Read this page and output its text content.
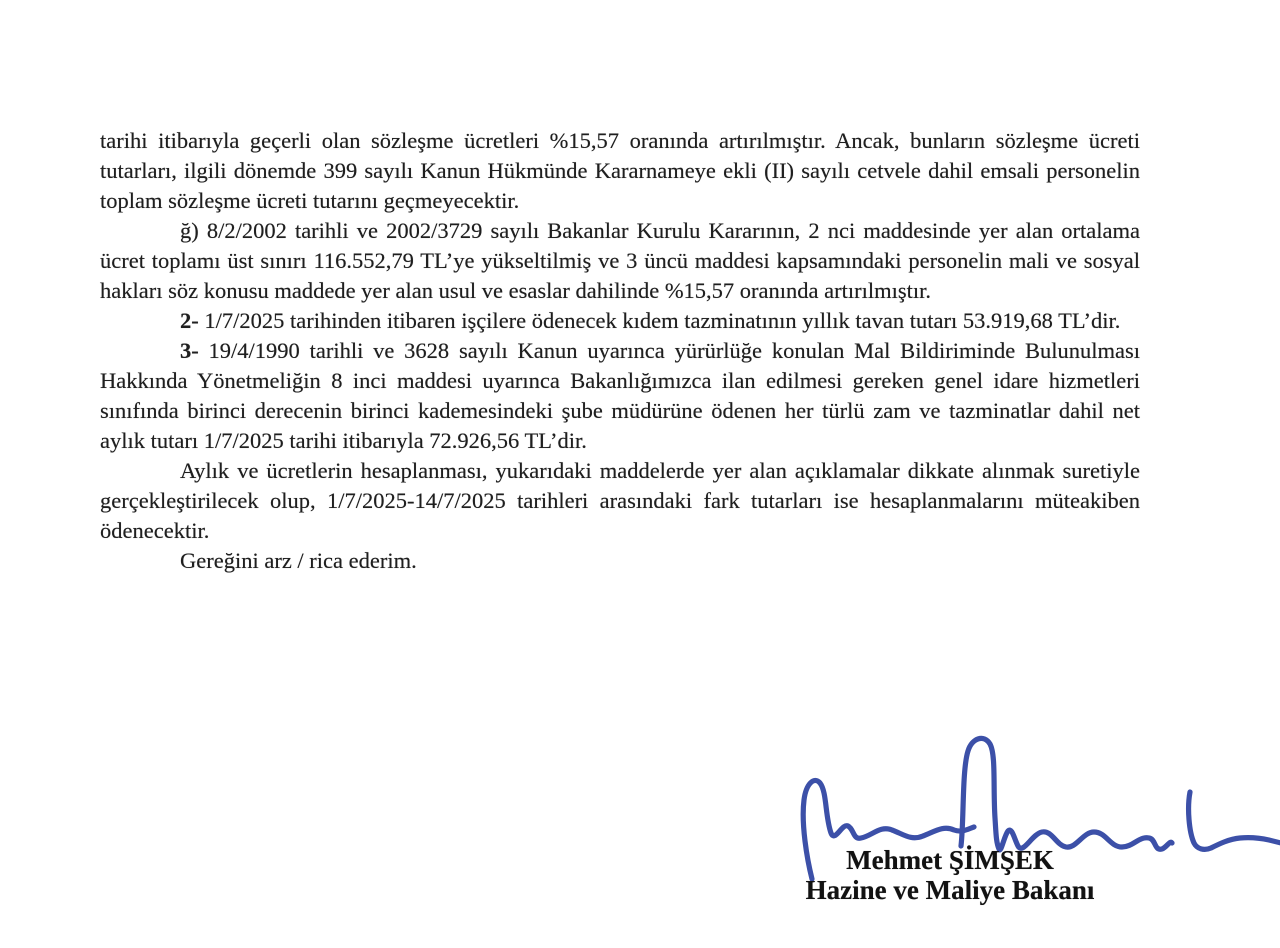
tarihi itibarıyla geçerli olan sözleşme ücretleri %15,57 oranında artırılmıştır. Ancak, bunların sözleşme ücreti tutarları, ilgili dönemde 399 sayılı Kanun Hükmünde Kararnameye ekli (II) sayılı cetvele dahil emsali personelin toplam sözleşme ücreti tutarını geçmeyecektir.

ğ) 8/2/2002 tarihli ve 2002/3729 sayılı Bakanlar Kurulu Kararının, 2 nci maddesinde yer alan ortalama ücret toplamı üst sınırı 116.552,79 TL’ye yükseltilmiş ve 3 üncü maddesi kapsamındaki personelin mali ve sosyal hakları söz konusu maddede yer alan usul ve esaslar dahilinde %15,57 oranında artırılmıştır.

2- 1/7/2025 tarihinden itibaren işçilere ödenecek kıdem tazminatının yıllık tavan tutarı 53.919,68 TL’dir.

3- 19/4/1990 tarihli ve 3628 sayılı Kanun uyarınca yürürlüğe konulan Mal Bildiriminde Bulunulması Hakkında Yönetmeliğin 8 inci maddesi uyarınca Bakanlığımızca ilan edilmesi gereken genel idare hizmetleri sınıfında birinci derecenin birinci kademesindeki şube müdürüne ödenen her türlü zam ve tazminatlar dahil net aylık tutarı 1/7/2025 tarihi itibarıyla 72.926,56 TL’dir.

Aylık ve ücretlerin hesaplanması, yukarıdaki maddelerde yer alan açıklamalar dikkate alınmak suretiyle gerçekleştirilecek olup, 1/7/2025-14/7/2025 tarihleri arasındaki fark tutarları ise hesaplanmalarını müteakiben ödenecektir.

Gereğini arz / rica ederim.

Mehmet ŞİMŞEK
Hazine ve Maliye Bakanı
